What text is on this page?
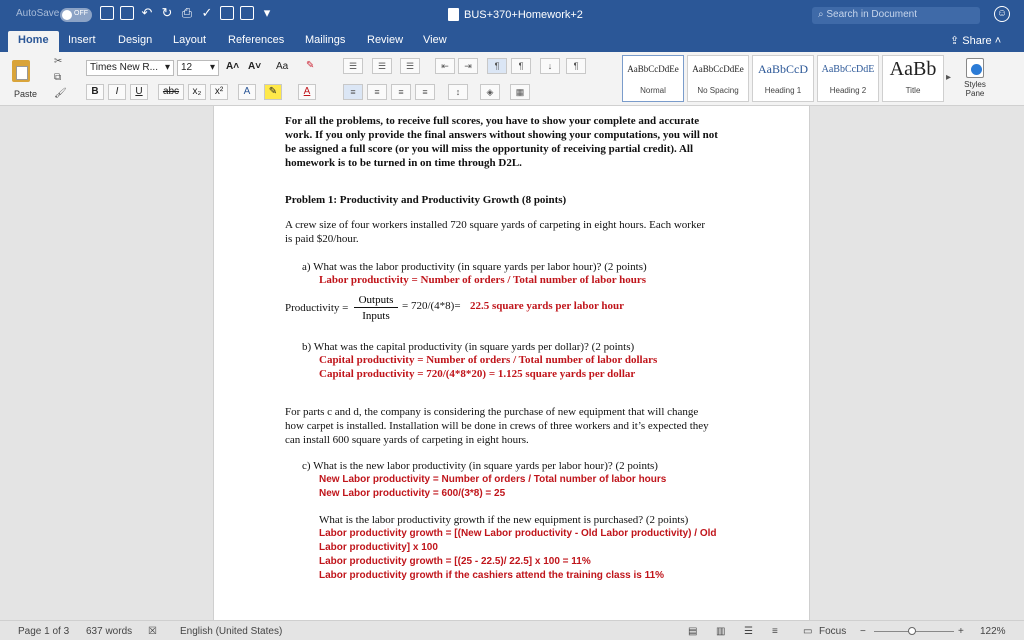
AutoSave OFF	↶ ↻ ⎙ ✓	▾	BUS+370+Homework+2	⌕ Search in Document	☺
Home	Insert Design Layout References Mailings Review View	⇪ Share ˄
Paste
✂
⧉
🖌
Times New R... ▾	12 ▾ A˄ A˅ Aa ✎
B	I	U	abc	x₂	x²	A	✎	A
☰	☰	☰	⇤	⇥	¶	¶	↓	¶
≡	≡	≡	≡	↕	◈	▦
AaBbCcDdEe
Normal
AaBbCcDdEe
No Spacing
AaBbCcD
Heading 1
AaBbCcDdE
Heading 2
AaBb
Title
▸
Styles Pane
For all the problems, to receive full scores, you have to show your complete and accurate
work. If you only provide the final answers without showing your computations, you will not
be assigned a full score (or you will miss the opportunity of receiving partial credit). All
homework is to be turned in on time through D2L.
Problem 1: Productivity and Productivity Growth (8 points)
A crew size of four workers installed 720 square yards of carpeting in eight hours. Each worker
is paid $20/hour.
a) What was the labor productivity (in square yards per labor hour)? (2 points)
Labor productivity = Number of orders / Total number of labor hours
Productivity =
Outputs
Inputs
= 720/(4*8)= 22.5 square yards per labor hour
b) What was the capital productivity (in square yards per dollar)? (2 points)
Capital productivity = Number of orders / Total number of labor dollars
Capital productivity = 720/(4*8*20) = 1.125 square yards per dollar
For parts c and d, the company is considering the purchase of new equipment that will change
how carpet is installed. Installation will be done in crews of three workers and it’s expected they
can install 600 square yards of carpeting in eight hours.
c) What is the new labor productivity (in square yards per labor hour)? (2 points)
New Labor productivity = Number of orders / Total number of labor hours
New Labor productivity = 600/(3*8) = 25
What is the labor productivity growth if the new equipment is purchased? (2 points)
Labor productivity growth = [(New Labor productivity - Old Labor productivity) / Old
Labor productivity] x 100
Labor productivity growth = [(25 - 22.5)/ 22.5] x 100 = 11%
Labor productivity growth if the cashiers attend the training class is 11%
Page 1 of 3 637 words ☒ English (United States)	▤ ▥ ☰ ≡	▭ Focus −	+ 122%
